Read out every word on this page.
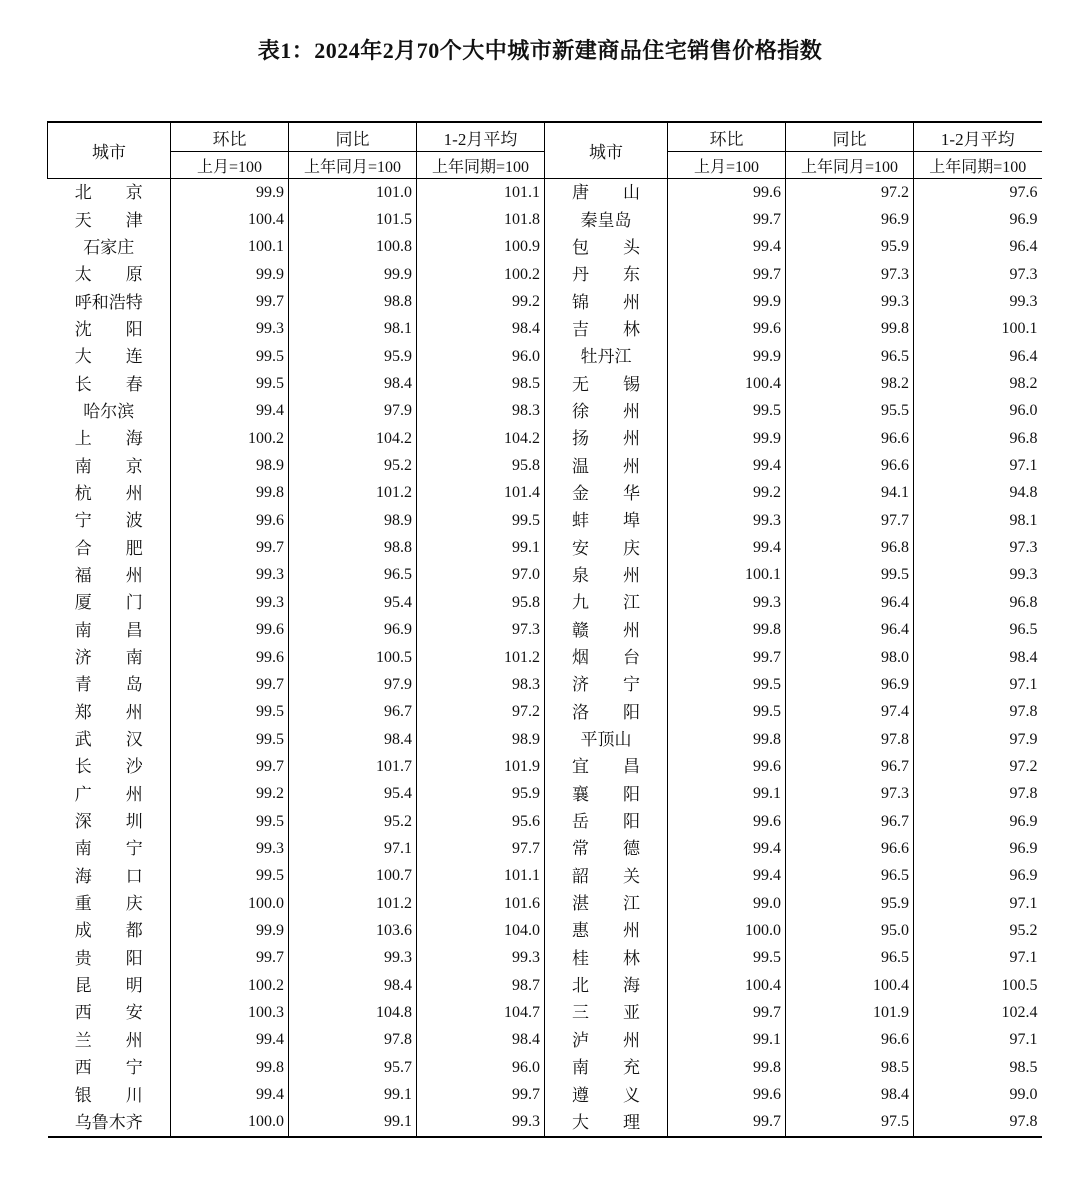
表1：2024年2月70个大中城市新建商品住宅销售价格指数
城市	环比	同比	1-2月平均	城市	环比	同比	1-2月平均
	上月=100	上年同月=100	上年同期=100		上月=100	上年同月=100	上年同期=100
北　　京	99.9	101.0	101.1	唐　　山	99.6	97.2	97.6
天　　津	100.4	101.5	101.8	秦皇岛	99.7	96.9	96.9
石家庄	100.1	100.8	100.9	包　　头	99.4	95.9	96.4
太　　原	99.9	99.9	100.2	丹　　东	99.7	97.3	97.3
呼和浩特	99.7	98.8	99.2	锦　　州	99.9	99.3	99.3
沈　　阳	99.3	98.1	98.4	吉　　林	99.6	99.8	100.1
大　　连	99.5	95.9	96.0	牡丹江	99.9	96.5	96.4
长　　春	99.5	98.4	98.5	无　　锡	100.4	98.2	98.2
哈尔滨	99.4	97.9	98.3	徐　　州	99.5	95.5	96.0
上　　海	100.2	104.2	104.2	扬　　州	99.9	96.6	96.8
南　　京	98.9	95.2	95.8	温　　州	99.4	96.6	97.1
杭　　州	99.8	101.2	101.4	金　　华	99.2	94.1	94.8
宁　　波	99.6	98.9	99.5	蚌　　埠	99.3	97.7	98.1
合　　肥	99.7	98.8	99.1	安　　庆	99.4	96.8	97.3
福　　州	99.3	96.5	97.0	泉　　州	100.1	99.5	99.3
厦　　门	99.3	95.4	95.8	九　　江	99.3	96.4	96.8
南　　昌	99.6	96.9	97.3	赣　　州	99.8	96.4	96.5
济　　南	99.6	100.5	101.2	烟　　台	99.7	98.0	98.4
青　　岛	99.7	97.9	98.3	济　　宁	99.5	96.9	97.1
郑　　州	99.5	96.7	97.2	洛　　阳	99.5	97.4	97.8
武　　汉	99.5	98.4	98.9	平顶山	99.8	97.8	97.9
长　　沙	99.7	101.7	101.9	宜　　昌	99.6	96.7	97.2
广　　州	99.2	95.4	95.9	襄　　阳	99.1	97.3	97.8
深　　圳	99.5	95.2	95.6	岳　　阳	99.6	96.7	96.9
南　　宁	99.3	97.1	97.7	常　　德	99.4	96.6	96.9
海　　口	99.5	100.7	101.1	韶　　关	99.4	96.5	96.9
重　　庆	100.0	101.2	101.6	湛　　江	99.0	95.9	97.1
成　　都	99.9	103.6	104.0	惠　　州	100.0	95.0	95.2
贵　　阳	99.7	99.3	99.3	桂　　林	99.5	96.5	97.1
昆　　明	100.2	98.4	98.7	北　　海	100.4	100.4	100.5
西　　安	100.3	104.8	104.7	三　　亚	99.7	101.9	102.4
兰　　州	99.4	97.8	98.4	泸　　州	99.1	96.6	97.1
西　　宁	99.8	95.7	96.0	南　　充	99.8	98.5	98.5
银　　川	99.4	99.1	99.7	遵　　义	99.6	98.4	99.0
乌鲁木齐	100.0	99.1	99.3	大　　理	99.7	97.5	97.8
